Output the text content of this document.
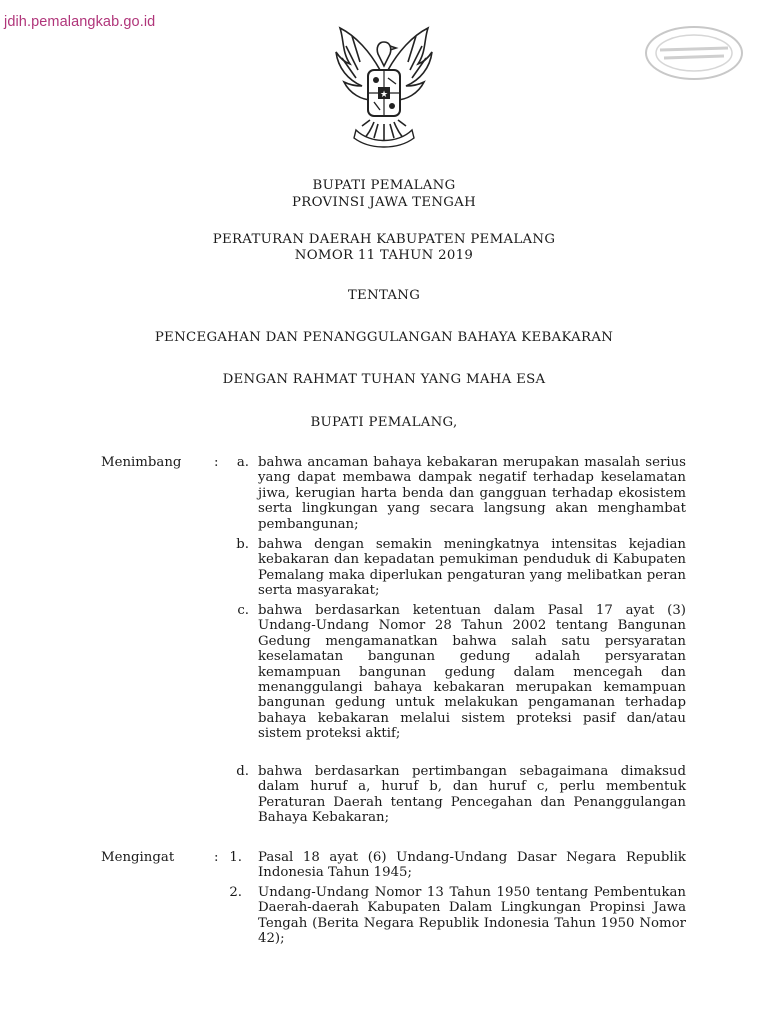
jdih.pemalangkab.go.id
★
BUPATI PEMALANG
PROVINSI JAWA TENGAH
PERATURAN DAERAH KABUPATEN PEMALANG
NOMOR 11 TAHUN 2019
TENTANG
PENCEGAHAN DAN PENANGGULANGAN BAHAYA KEBAKARAN
DENGAN RAHMAT TUHAN YANG MAHA ESA
BUPATI PEMALANG,
Menimbang :	a. bahwa ancaman bahaya kebakaran merupakan masalah serius yang dapat membawa dampak negatif terhadap keselamatan jiwa, kerugian harta benda dan gangguan terhadap ekosistem serta lingkungan yang secara langsung akan menghambat pembangunan;
b. bahwa dengan semakin meningkatnya intensitas kejadian kebakaran dan kepadatan pemukiman penduduk di Kabupaten Pemalang maka diperlukan pengaturan yang melibatkan peran serta masyarakat;
c. bahwa berdasarkan ketentuan dalam Pasal 17 ayat (3) Undang-Undang Nomor 28 Tahun 2002 tentang Bangunan Gedung mengamanatkan bahwa salah satu persyaratan keselamatan bangunan gedung adalah persyaratan kemampuan bangunan gedung dalam mencegah dan menanggulangi bahaya kebakaran merupakan kemampuan bangunan gedung untuk melakukan pengamanan terhadap bahaya kebakaran melalui sistem proteksi pasif dan/atau sistem proteksi aktif;
d. bahwa berdasarkan pertimbangan sebagaimana dimaksud dalam huruf a, huruf b, dan huruf c, perlu membentuk Peraturan Daerah tentang Pencegahan dan Penanggulangan Bahaya Kebakaran;
Mengingat	: 1. Pasal 18 ayat (6) Undang-Undang Dasar Negara Republik Indonesia Tahun 1945;
2. Undang-Undang Nomor 13 Tahun 1950 tentang Pembentukan Daerah-daerah Kabupaten Dalam Lingkungan Propinsi Jawa Tengah (Berita Negara Republik Indonesia Tahun 1950 Nomor 42);
